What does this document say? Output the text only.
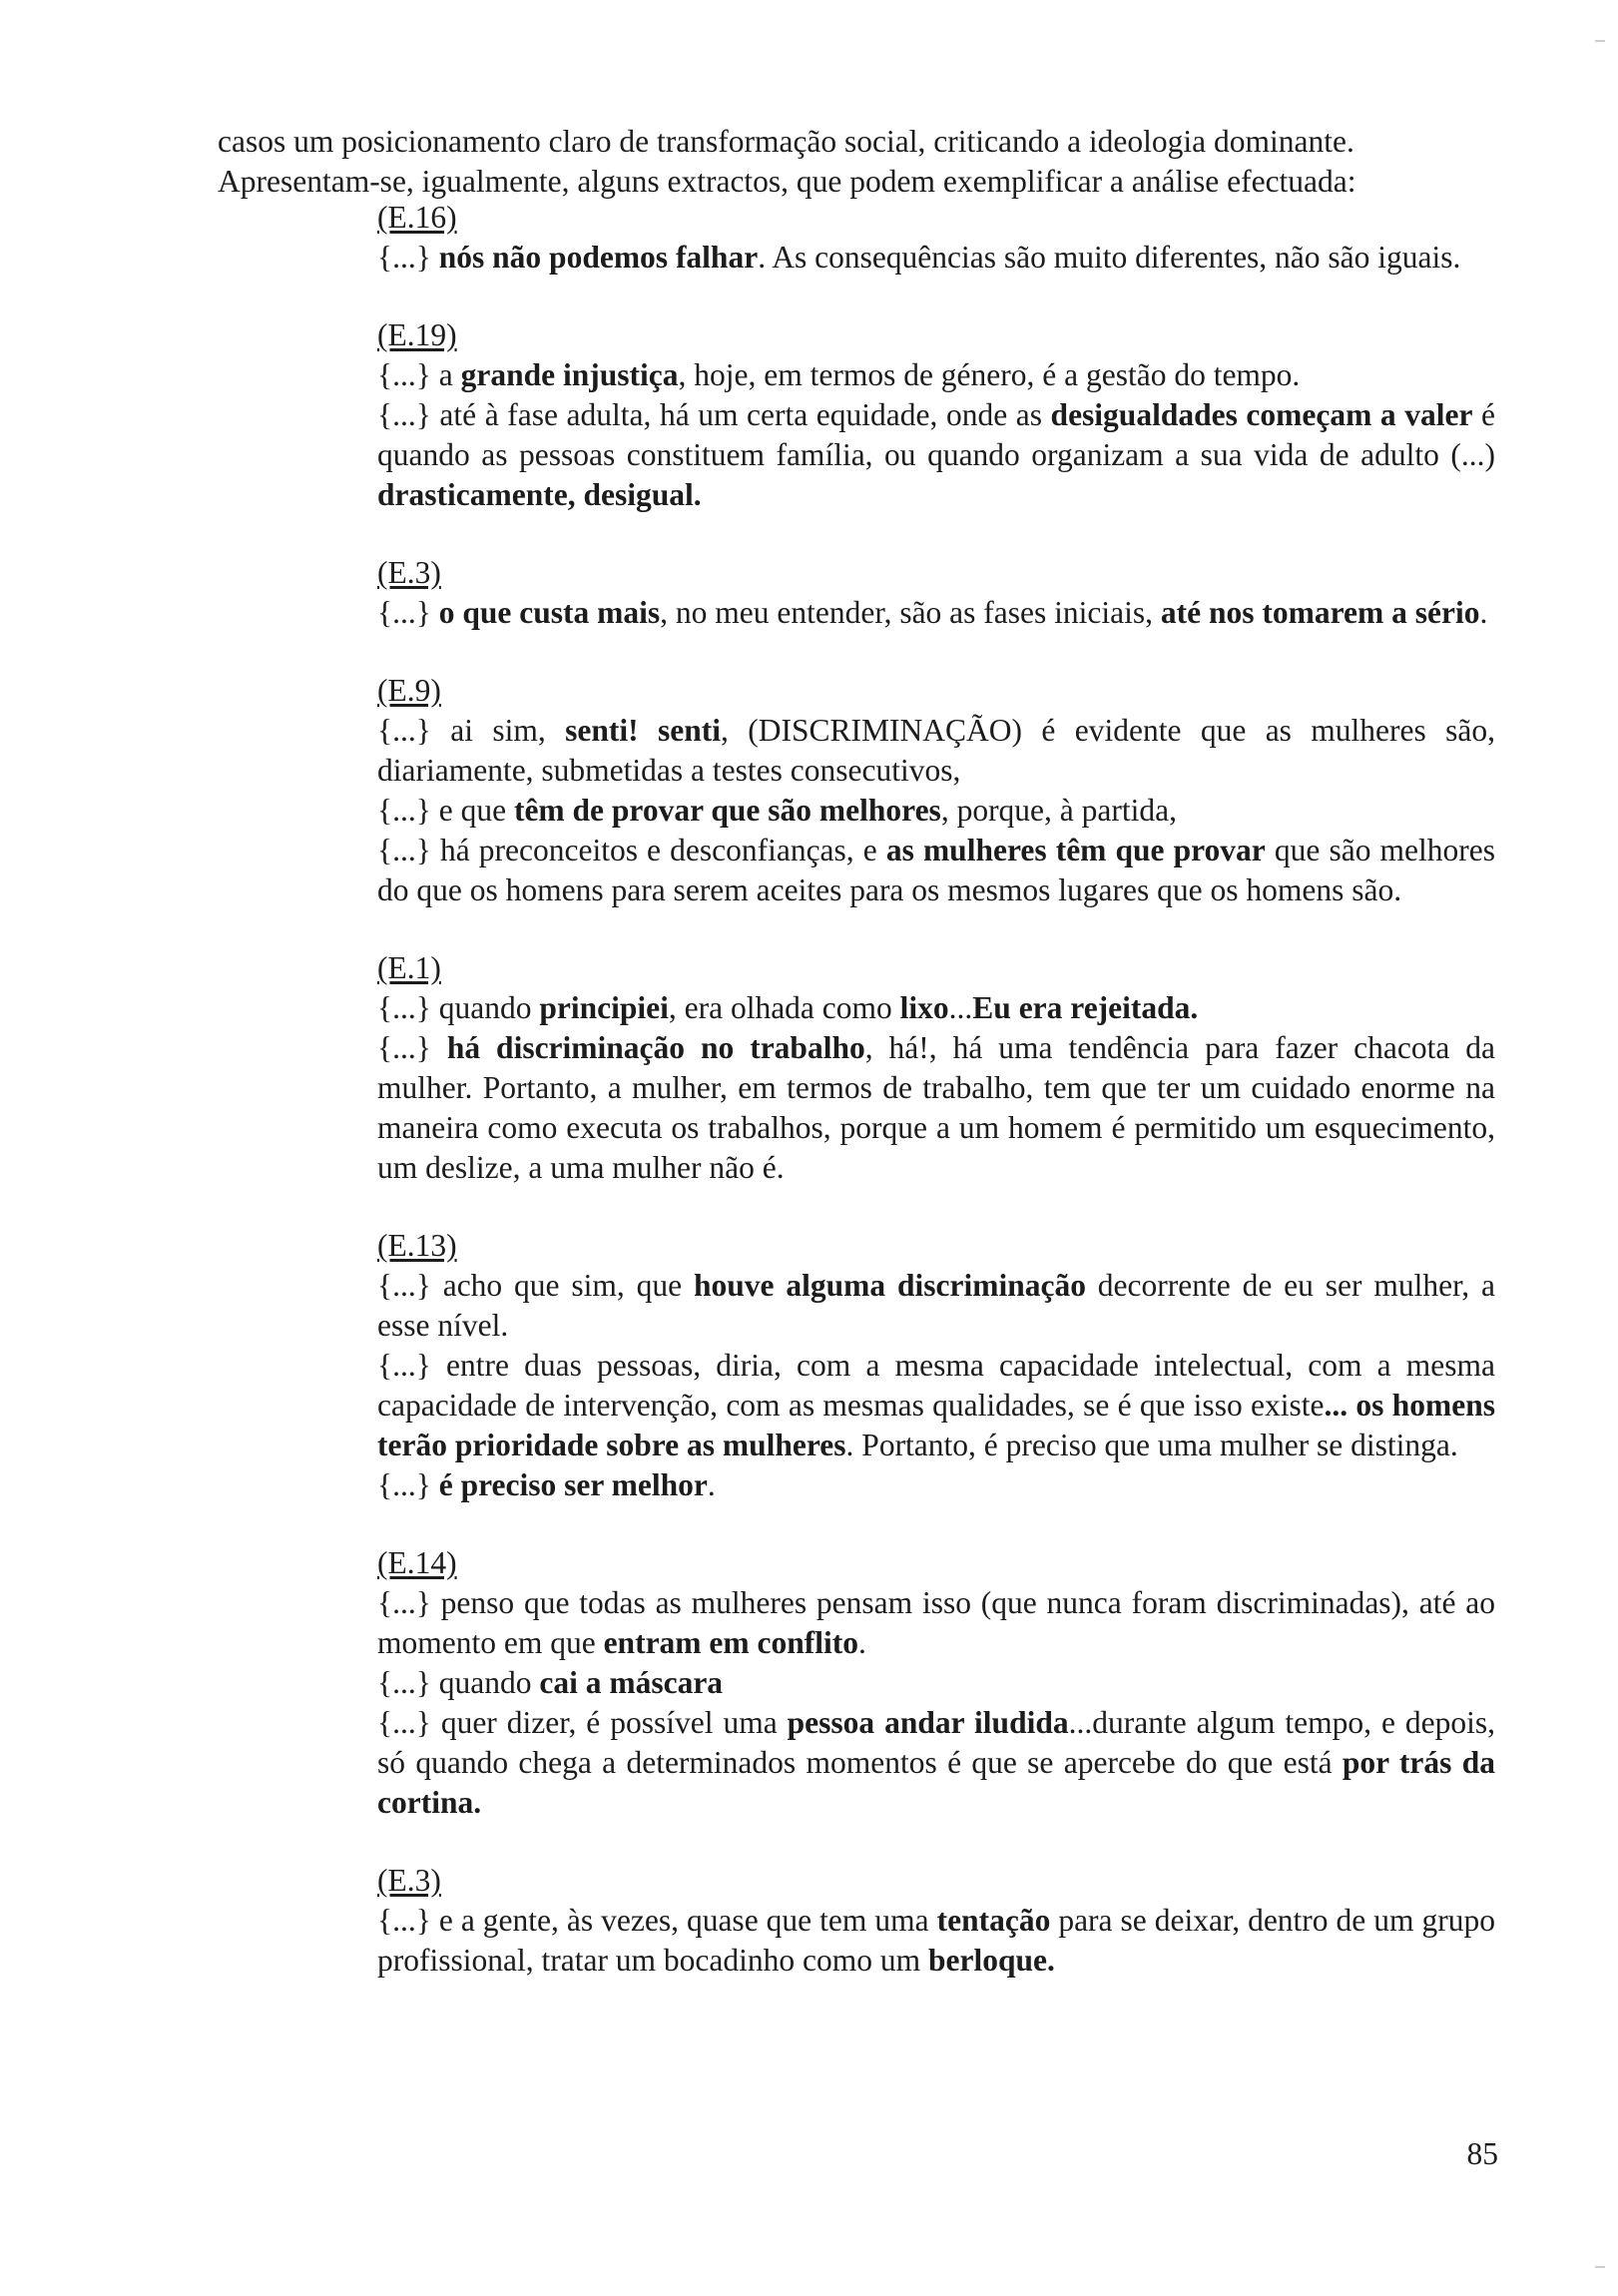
casos um posicionamento claro de transformação social, criticando a ideologia dominante.
Apresentam-se, igualmente, alguns extractos, que podem exemplificar a análise efectuada:

(E.16)

{...} nós não podemos falhar. As consequências são muito diferentes, não são iguais.

(E.19)

{...} a grande injustiça, hoje, em termos de género, é a gestão do tempo.

{...} até à fase adulta, há um certa equidade, onde as desigualdades começam a valer é quando as pessoas constituem família, ou quando organizam a sua vida de adulto (...) drasticamente, desigual.

(E.3)

{...} o que custa mais, no meu entender, são as fases iniciais, até nos tomarem a sério.

(E.9)

{...} ai sim, senti! senti, (DISCRIMINAÇÃO) é evidente que as mulheres são, diariamente, submetidas a testes consecutivos,

{...} e que têm de provar que são melhores, porque, à partida,

{...} há preconceitos e desconfianças, e as mulheres têm que provar que são melhores do que os homens para serem aceites para os mesmos lugares que os homens são.

(E.1)

{...} quando principiei, era olhada como lixo...Eu era rejeitada.

{...} há discriminação no trabalho, há!, há uma tendência para fazer chacota da mulher. Portanto, a mulher, em termos de trabalho, tem que ter um cuidado enorme na maneira como executa os trabalhos, porque a um homem é permitido um esquecimento, um deslize, a uma mulher não é.

(E.13)

{...} acho que sim, que houve alguma discriminação decorrente de eu ser mulher, a esse nível.

{...} entre duas pessoas, diria, com a mesma capacidade intelectual, com a mesma capacidade de intervenção, com as mesmas qualidades, se é que isso existe... os homens terão prioridade sobre as mulheres. Portanto, é preciso que uma mulher se distinga.

{...} é preciso ser melhor.

(E.14)

{...} penso que todas as mulheres pensam isso (que nunca foram discriminadas), até ao momento em que entram em conflito.

{...} quando cai a máscara

{...} quer dizer, é possível uma pessoa andar iludida...durante algum tempo, e depois, só quando chega a determinados momentos é que se apercebe do que está por trás da cortina.

(E.3)

{...} e a gente, às vezes, quase que tem uma tentação para se deixar, dentro de um grupo profissional, tratar um bocadinho como um berloque.

85
